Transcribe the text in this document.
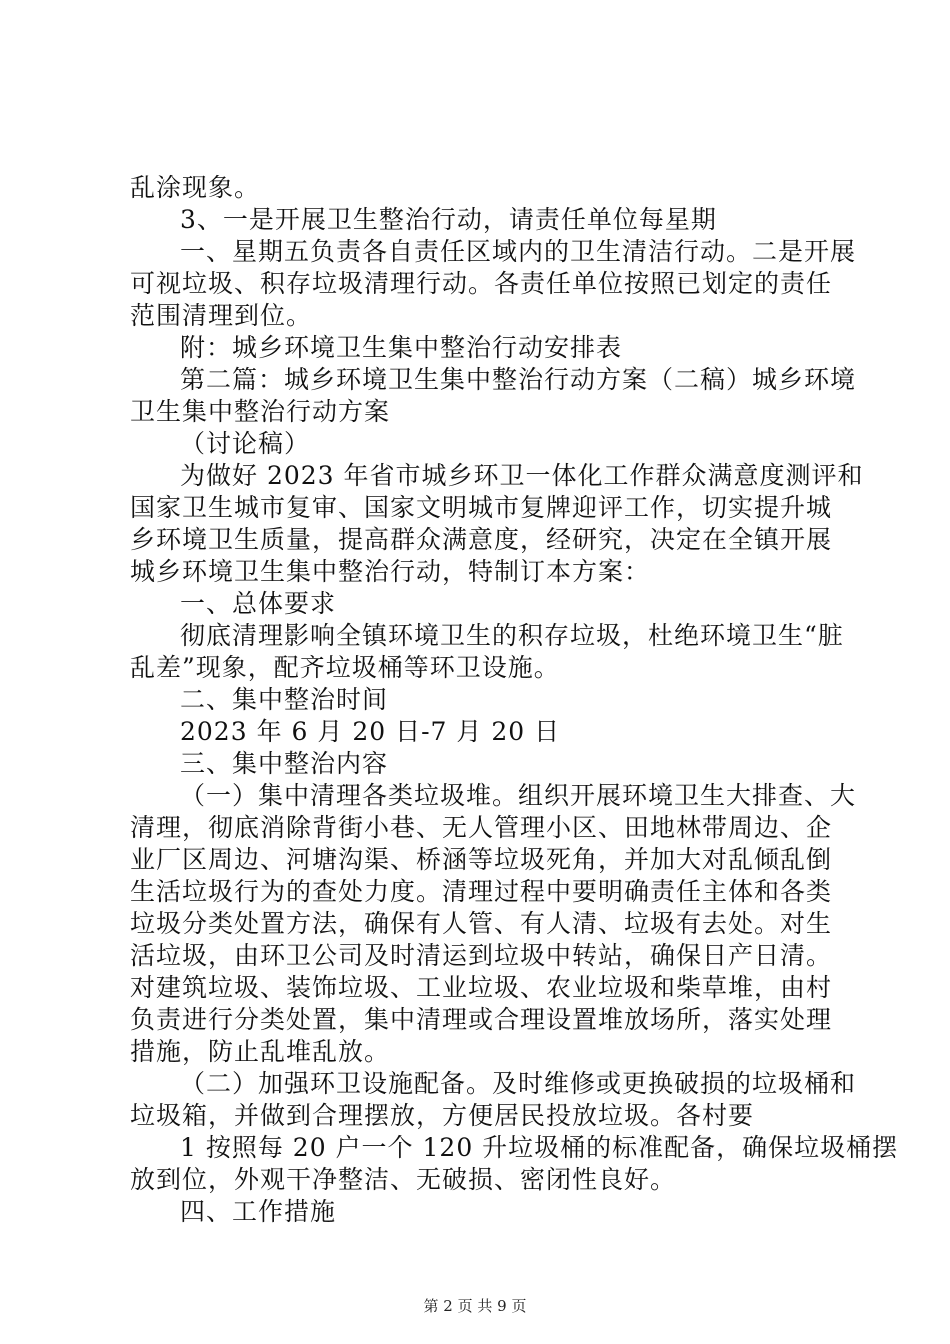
乱涂现象。
3、一是开展卫生整治行动，请责任单位每星期
一、星期五负责各自责任区域内的卫生清洁行动。二是开展
可视垃圾、积存垃圾清理行动。各责任单位按照已划定的责任
范围清理到位。
附：城乡环境卫生集中整治行动安排表
第二篇：城乡环境卫生集中整治行动方案（二稿）城乡环境
卫生集中整治行动方案
（讨论稿）
为做好 2023 年省市城乡环卫一体化工作群众满意度测评和
国家卫生城市复审、国家文明城市复牌迎评工作，切实提升城
乡环境卫生质量，提高群众满意度，经研究，决定在全镇开展
城乡环境卫生集中整治行动，特制订本方案：
一、总体要求
彻底清理影响全镇环境卫生的积存垃圾，杜绝环境卫生“脏
乱差”现象，配齐垃圾桶等环卫设施。
二、集中整治时间
2023 年 6 月 20 日-7 月 20 日
三、集中整治内容
（一）集中清理各类垃圾堆。组织开展环境卫生大排查、大
清理，彻底消除背街小巷、无人管理小区、田地林带周边、企
业厂区周边、河塘沟渠、桥涵等垃圾死角，并加大对乱倾乱倒
生活垃圾行为的查处力度。清理过程中要明确责任主体和各类
垃圾分类处置方法，确保有人管、有人清、垃圾有去处。对生
活垃圾，由环卫公司及时清运到垃圾中转站，确保日产日清。
对建筑垃圾、装饰垃圾、工业垃圾、农业垃圾和柴草堆，由村
负责进行分类处置，集中清理或合理设置堆放场所，落实处理
措施，防止乱堆乱放。
（二）加强环卫设施配备。及时维修或更换破损的垃圾桶和
垃圾箱，并做到合理摆放，方便居民投放垃圾。各村要
1 按照每 20 户一个 120 升垃圾桶的标准配备，确保垃圾桶摆
放到位，外观干净整洁、无破损、密闭性良好。
四、工作措施
第 2 页 共 9 页
